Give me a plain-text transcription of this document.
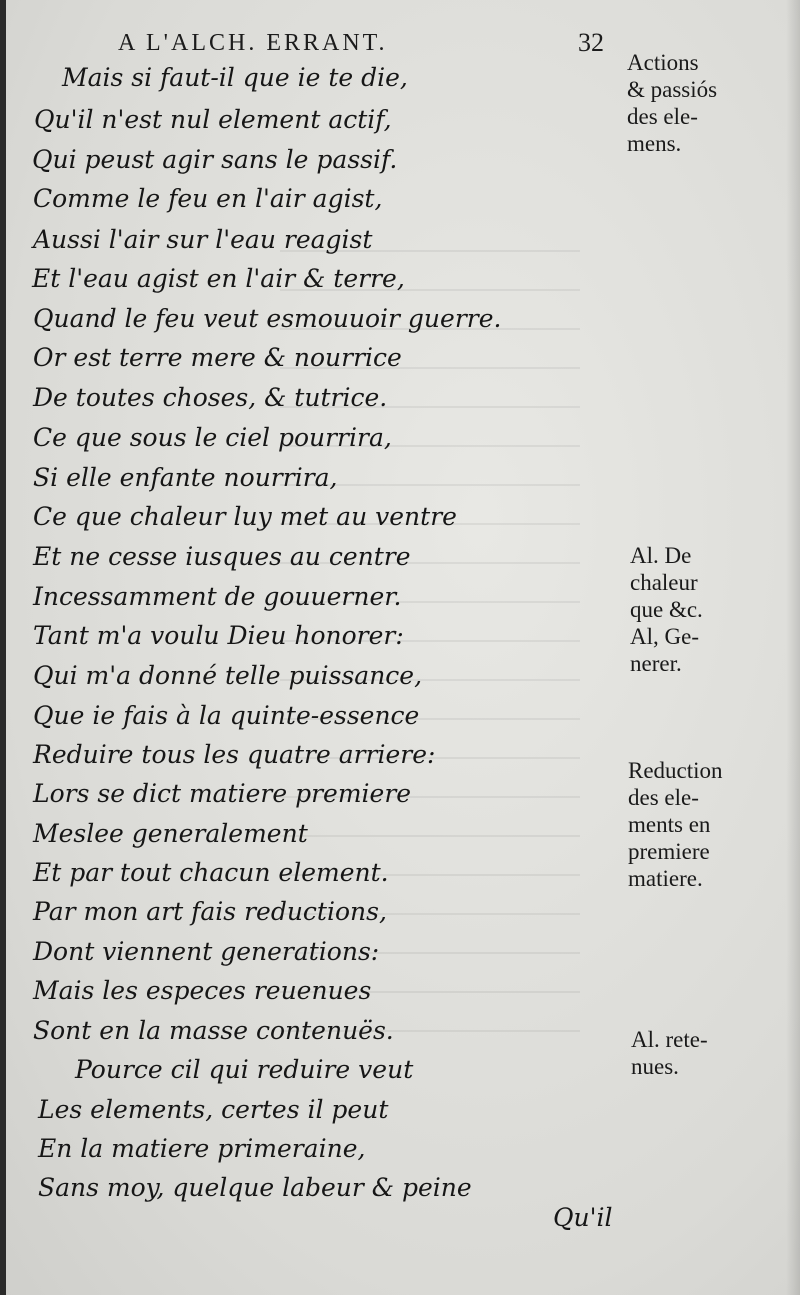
A L'ALCH. ERRANT.	32
Mais si faut-il que ie te die,
Qu'il n'est nul element actif,
Qui peust agir sans le passif.
Comme le feu en l'air agist,
Aussi l'air sur l'eau reagist
Et l'eau agist en l'air & terre,
Quand le feu veut esmouuoir guerre.
Or est terre mere & nourrice
De toutes choses, & tutrice.
Ce que sous le ciel pourrira,
Si elle enfante nourrira,
Ce que chaleur luy met au ventre
Et ne cesse iusques au centre
Incessamment de gouuerner.
Tant m'a voulu Dieu honorer:
Qui m'a donné telle puissance,
Que ie fais à la quinte-essence
Reduire tous les quatre arriere:
Lors se dict matiere premiere
Meslee generalement
Et par tout chacun element.
Par mon art fais reductions,
Dont viennent generations:
Mais les especes reuenues
Sont en la masse contenuës.
Pource cil qui reduire veut
Les elements, certes il peut
En la matiere primeraine,
Sans moy, quelque labeur & peine
Actions
& passiós
des ele-
mens.
Al. De
chaleur
que &c.
Al, Ge-
nerer.
Reduction
des ele-
ments en
premiere
matiere.
Al. rete-
nues.
Qu'il
